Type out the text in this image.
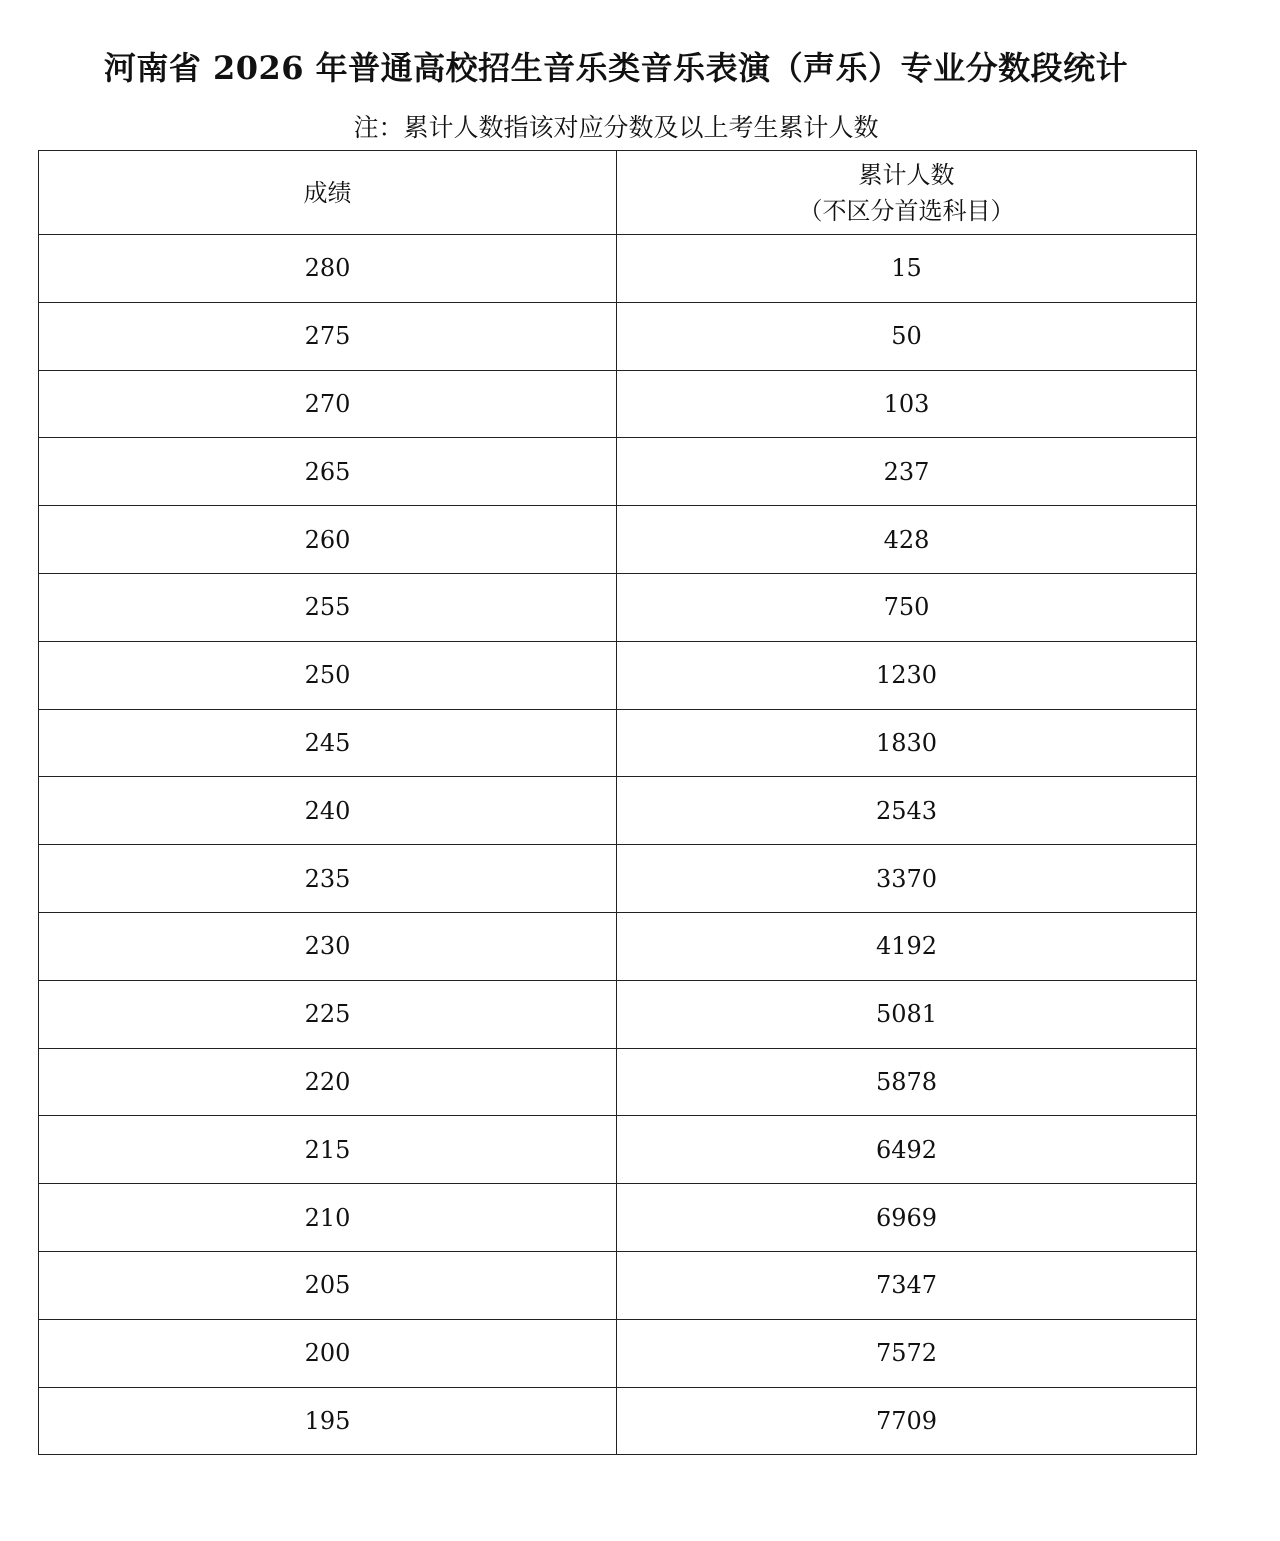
河南省 2026 年普通高校招生音乐类音乐表演（声乐）专业分数段统计
注：累计人数指该对应分数及以上考生累计人数
成绩	累计人数
（不区分首选科目）

280	15
275	50
270	103
265	237
260	428
255	750
250	1230
245	1830
240	2543
235	3370
230	4192
225	5081
220	5878
215	6492
210	6969
205	7347
200	7572
195	7709
